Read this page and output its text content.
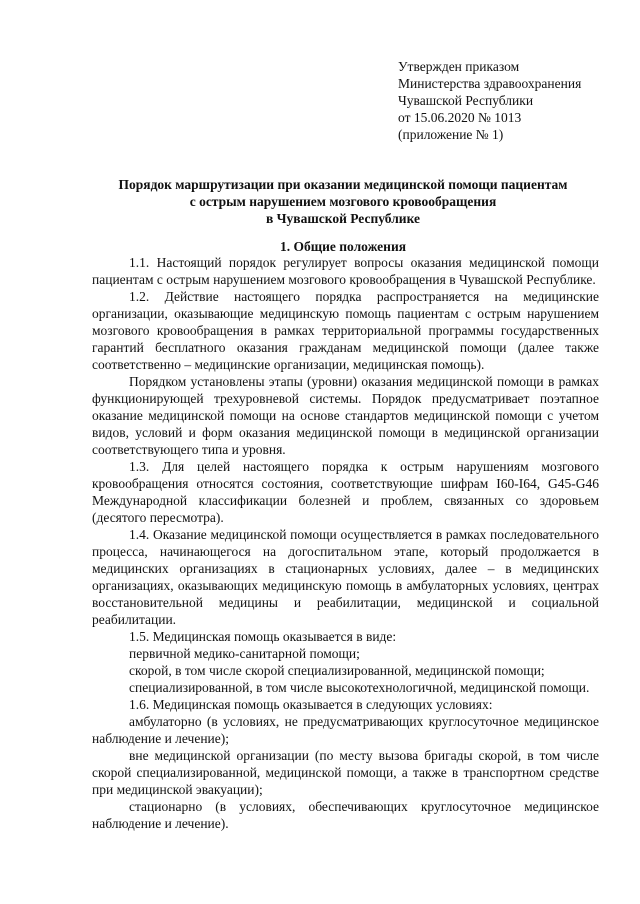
Утвержден приказом
Министерства здравоохранения
Чувашской Республики
от 15.06.2020 № 1013
(приложение № 1)
Порядок маршрутизации при оказании медицинской помощи пациентам
с острым нарушением мозгового кровообращения
в Чувашской Республике
1. Общие положения

1.1. Настоящий порядок регулирует вопросы оказания медицинской помощи пациентам с острым нарушением мозгового кровообращения в Чувашской Республике.

1.2. Действие настоящего порядка распространяется на медицинские организации, оказывающие медицинскую помощь пациентам с острым нарушением мозгового кровообращения в рамках территориальной программы государственных гарантий бесплатного оказания гражданам медицинской помощи (далее также соответственно – медицинские организации, медицинская помощь).

Порядком установлены этапы (уровни) оказания медицинской помощи в рамках функционирующей трехуровневой системы. Порядок предусматривает поэтапное оказание медицинской помощи на основе стандартов медицинской помощи с учетом видов, условий и форм оказания медицинской помощи в медицинской организации соответствующего типа и уровня.

1.3. Для целей настоящего порядка к острым нарушениям мозгового кровообращения относятся состояния, соответствующие шифрам I60-I64, G45-G46 Международной классификации болезней и проблем, связанных со здоровьем (десятого пересмотра).

1.4. Оказание медицинской помощи осуществляется в рамках последовательного процесса, начинающегося на догоспитальном этапе, который продолжается в медицинских организациях в стационарных условиях, далее – в медицинских организациях, оказывающих медицинскую помощь в амбулаторных условиях, центрах восстановительной медицины и реабилитации, медицинской и социальной реабилитации.

1.5. Медицинская помощь оказывается в виде:

первичной медико-санитарной помощи;

скорой, в том числе скорой специализированной, медицинской помощи;

специализированной, в том числе высокотехнологичной, медицинской помощи.

1.6. Медицинская помощь оказывается в следующих условиях:

амбулаторно (в условиях, не предусматривающих круглосуточное медицинское наблюдение и лечение);

вне медицинской организации (по месту вызова бригады скорой, в том числе скорой специализированной, медицинской помощи, а также в транспортном средстве при медицинской эвакуации);

стационарно (в условиях, обеспечивающих круглосуточное медицинское наблюдение и лечение).
